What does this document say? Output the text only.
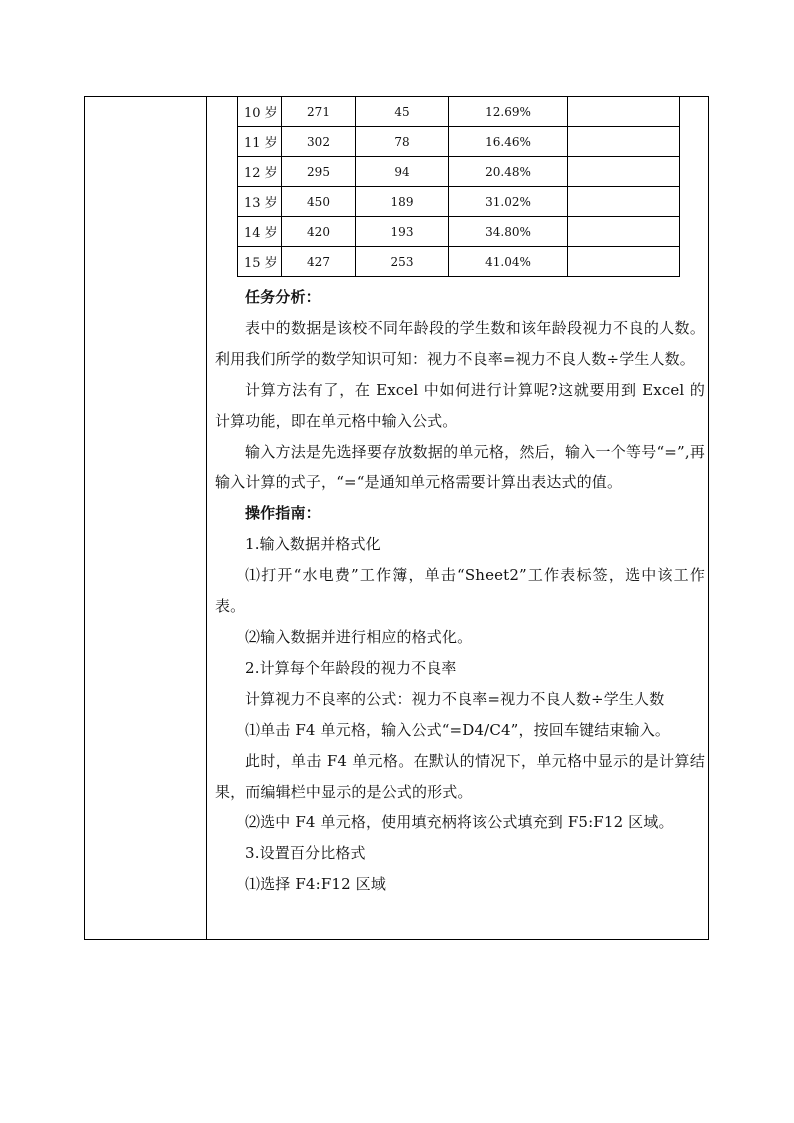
10 岁	271	45	12.69%	
11 岁	302	78	16.46%	
12 岁	295	94	20.48%	
13 岁	450	189	31.02%	
14 岁	420	193	34.80%	
15 岁	427	253	41.04%	

任务分析：

表中的数据是该校不同年龄段的学生数和该年龄段视力不良的人数。利用我们所学的数学知识可知：视力不良率=视力不良人数÷学生人数。

计算方法有了，在 Excel 中如何进行计算呢?这就要用到 Excel 的计算功能，即在单元格中输入公式。

输入方法是先选择要存放数据的单元格，然后，输入一个等号“=”,再输入计算的式子，“=“是通知单元格需要计算出表达式的值。

操作指南：

1.输入数据并格式化

⑴打开“水电费”工作簿，单击“Sheet2”工作表标签，选中该工作表。

⑵输入数据并进行相应的格式化。

2.计算每个年龄段的视力不良率

计算视力不良率的公式：视力不良率=视力不良人数÷学生人数

⑴单击 F4 单元格，输入公式“=D4/C4”，按回车键结束输入。

此时，单击 F4 单元格。在默认的情况下，单元格中显示的是计算结果，而编辑栏中显示的是公式的形式。

⑵选中 F4 单元格，使用填充柄将该公式填充到 F5:F12 区域。

3.设置百分比格式

⑴选择 F4:F12 区域
